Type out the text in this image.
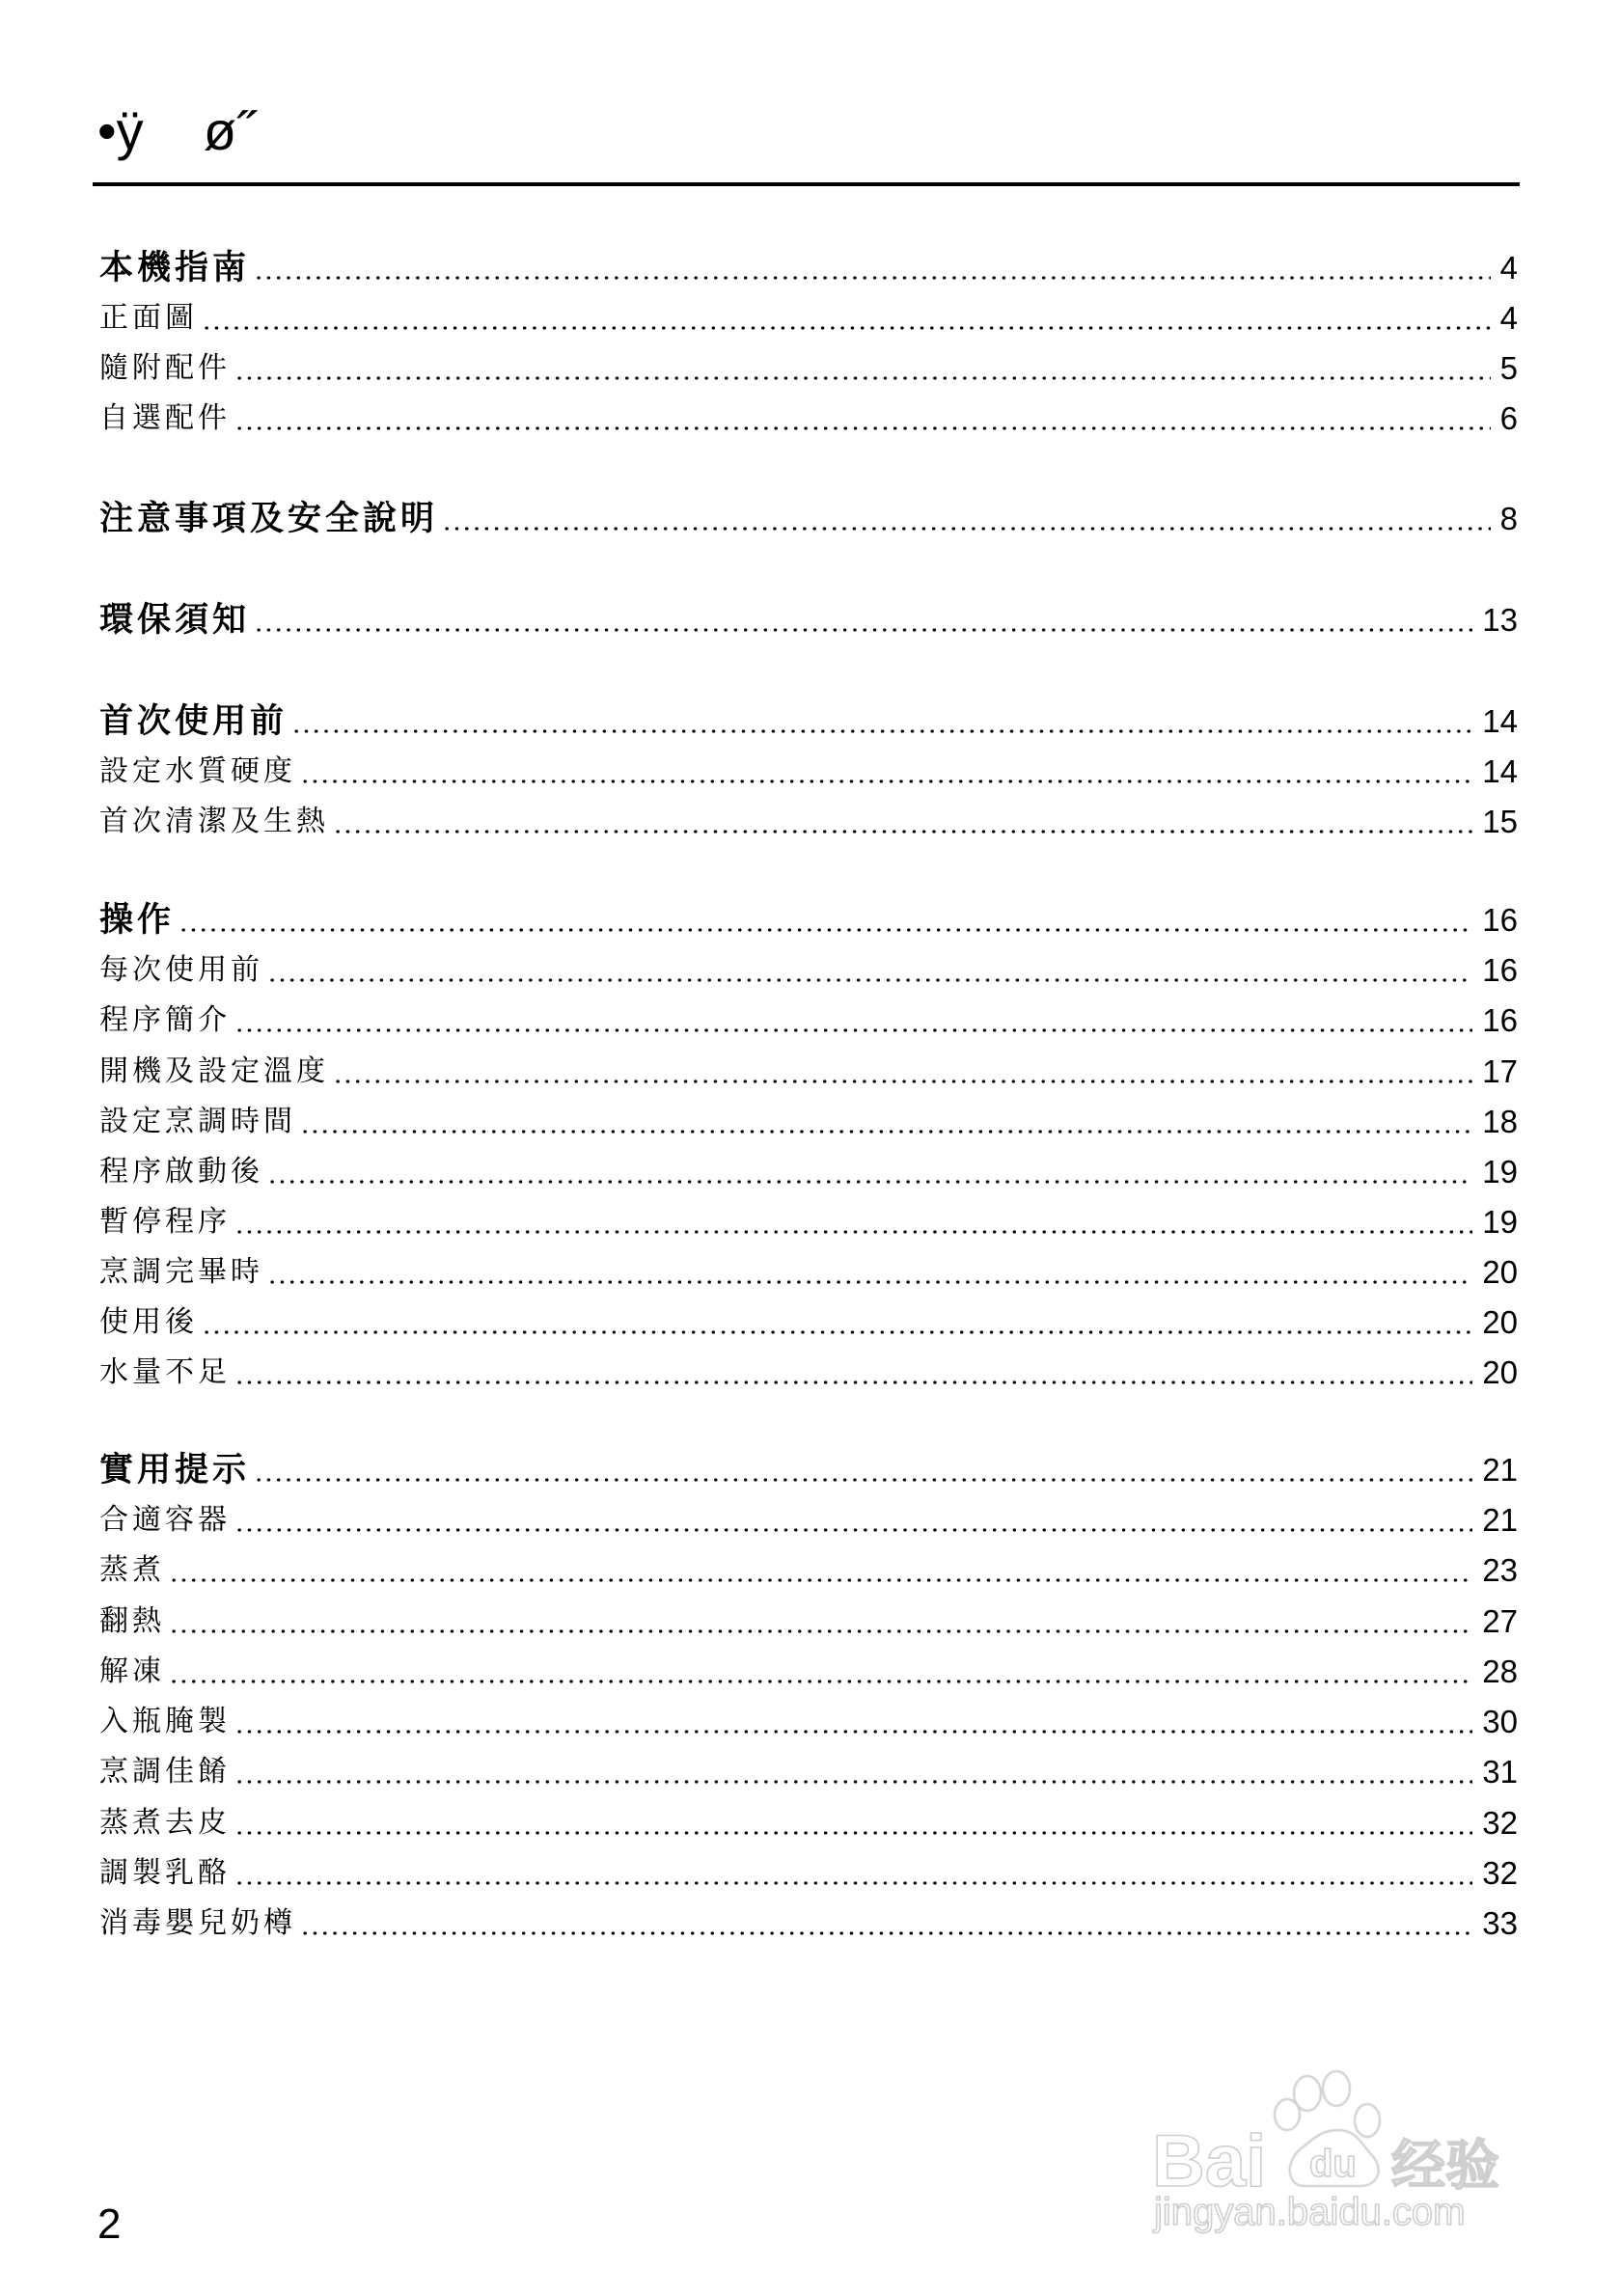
•ÿ    ø˝
本機指南	4
正面圖	4
隨附配件	5
自選配件	6
注意事項及安全說明	8
環保須知	13
首次使用前	14
設定水質硬度	14
首次清潔及生熱	15
操作	16
每次使用前	16
程序簡介	16
開機及設定溫度	17
設定烹調時間	18
程序啟動後	19
暫停程序	19
烹調完畢時	20
使用後	20
水量不足	20
實用提示	21
合適容器	21
蒸煮	23
翻熱	27
解凍	28
入瓶腌製	30
烹調佳餚	31
蒸煮去皮	32
調製乳酪	32
消毒嬰兒奶樽	33
2
Bai du 经验
jingyan.baidu.com
